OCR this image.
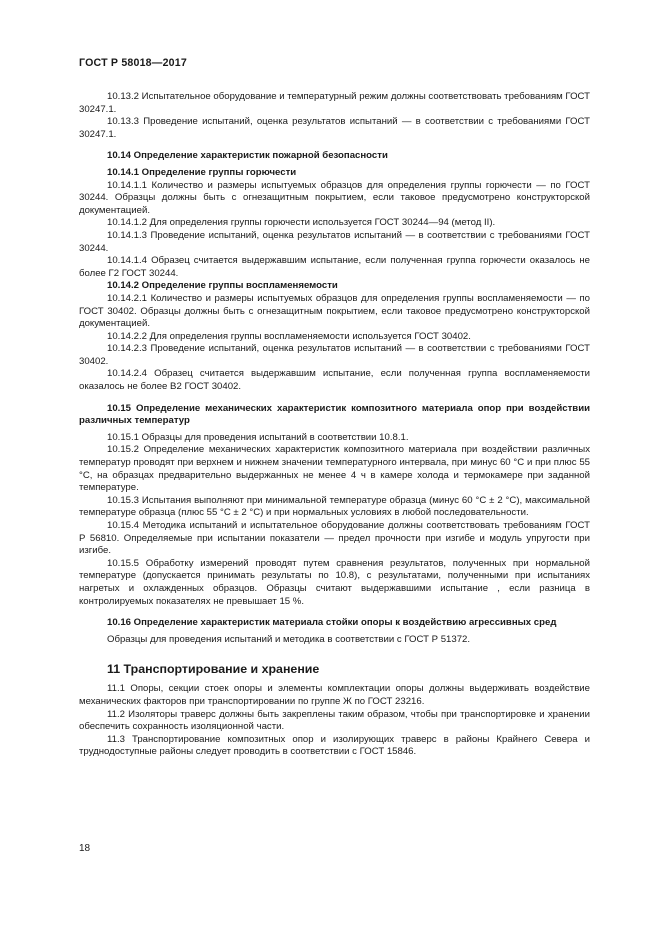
ГОСТ Р 58018—2017

10.13.2 Испытательное оборудование и температурный режим должны соответствовать требованиям ГОСТ 30247.1.

10.13.3 Проведение испытаний, оценка результатов испытаний — в соответствии с требованиями ГОСТ 30247.1.

10.14 Определение характеристик пожарной безопасности
10.14.1 Определение группы горючести

10.14.1.1 Количество и размеры испытуемых образцов для определения группы горючести — по ГОСТ 30244. Образцы должны быть с огнезащитным покрытием, если таковое предусмотрено конструкторской документацией.

10.14.1.2 Для определения группы горючести используется ГОСТ 30244—94 (метод II).

10.14.1.3 Проведение испытаний, оценка результатов испытаний — в соответствии с требованиями ГОСТ 30244.

10.14.1.4 Образец считается выдержавшим испытание, если полученная группа горючести оказалось не более Г2 ГОСТ 30244.

10.14.2 Определение группы воспламеняемости

10.14.2.1 Количество и размеры испытуемых образцов для определения группы воспламеняемости — по ГОСТ 30402. Образцы должны быть с огнезащитным покрытием, если таковое предусмотрено конструкторской документацией.

10.14.2.2 Для определения группы воспламеняемости используется ГОСТ 30402.

10.14.2.3 Проведение испытаний, оценка результатов испытаний — в соответствии с требованиями ГОСТ 30402.

10.14.2.4 Образец считается выдержавшим испытание, если полученная группа воспламеняемости оказалось не более В2 ГОСТ 30402.

10.15 Определение механических характеристик композитного материала опор при воздействии различных температур

10.15.1 Образцы для проведения испытаний в соответствии 10.8.1.

10.15.2 Определение механических характеристик композитного материала при воздействии различных температур проводят при верхнем и нижнем значении температурного интервала, при минус 60 °С и при плюс 55 °С, на образцах предварительно выдержанных не менее 4 ч в камере холода и термокамере при заданной температуре.

10.15.3 Испытания выполняют при минимальной температуре образца (минус 60 °С ± 2 °С), максимальной температуре образца (плюс 55 °С ± 2 °С) и при нормальных условиях в любой последовательности.

10.15.4 Методика испытаний и испытательное оборудование должны соответствовать требованиям ГОСТ Р 56810. Определяемые при испытании показатели — предел прочности при изгибе и модуль упругости при изгибе.

10.15.5 Обработку измерений проводят путем сравнения результатов, полученных при нормальной температуре (допускается принимать результаты по 10.8), с результатами, полученными при испытаниях нагретых и охлажденных образцов. Образцы считают выдержавшими испытание , если разница в контролируемых показателях не превышает 15 %.

10.16 Определение характеристик материала стойки опоры к воздействию агрессивных сред

Образцы для проведения испытаний и методика в соответствии с ГОСТ Р 51372.

11 Транспортирование и хранение

11.1 Опоры, секции стоек опоры и элементы комплектации опоры должны выдерживать воздействие механических факторов при транспортировании по группе Ж по ГОСТ 23216.

11.2 Изоляторы траверс должны быть закреплены таким образом, чтобы при транспортировке и хранении обеспечить сохранность изоляционной части.

11.3 Транспортирование композитных опор и изолирующих траверс в районы Крайнего Севера и труднодоступные районы следует проводить в соответствии с ГОСТ 15846.

18
